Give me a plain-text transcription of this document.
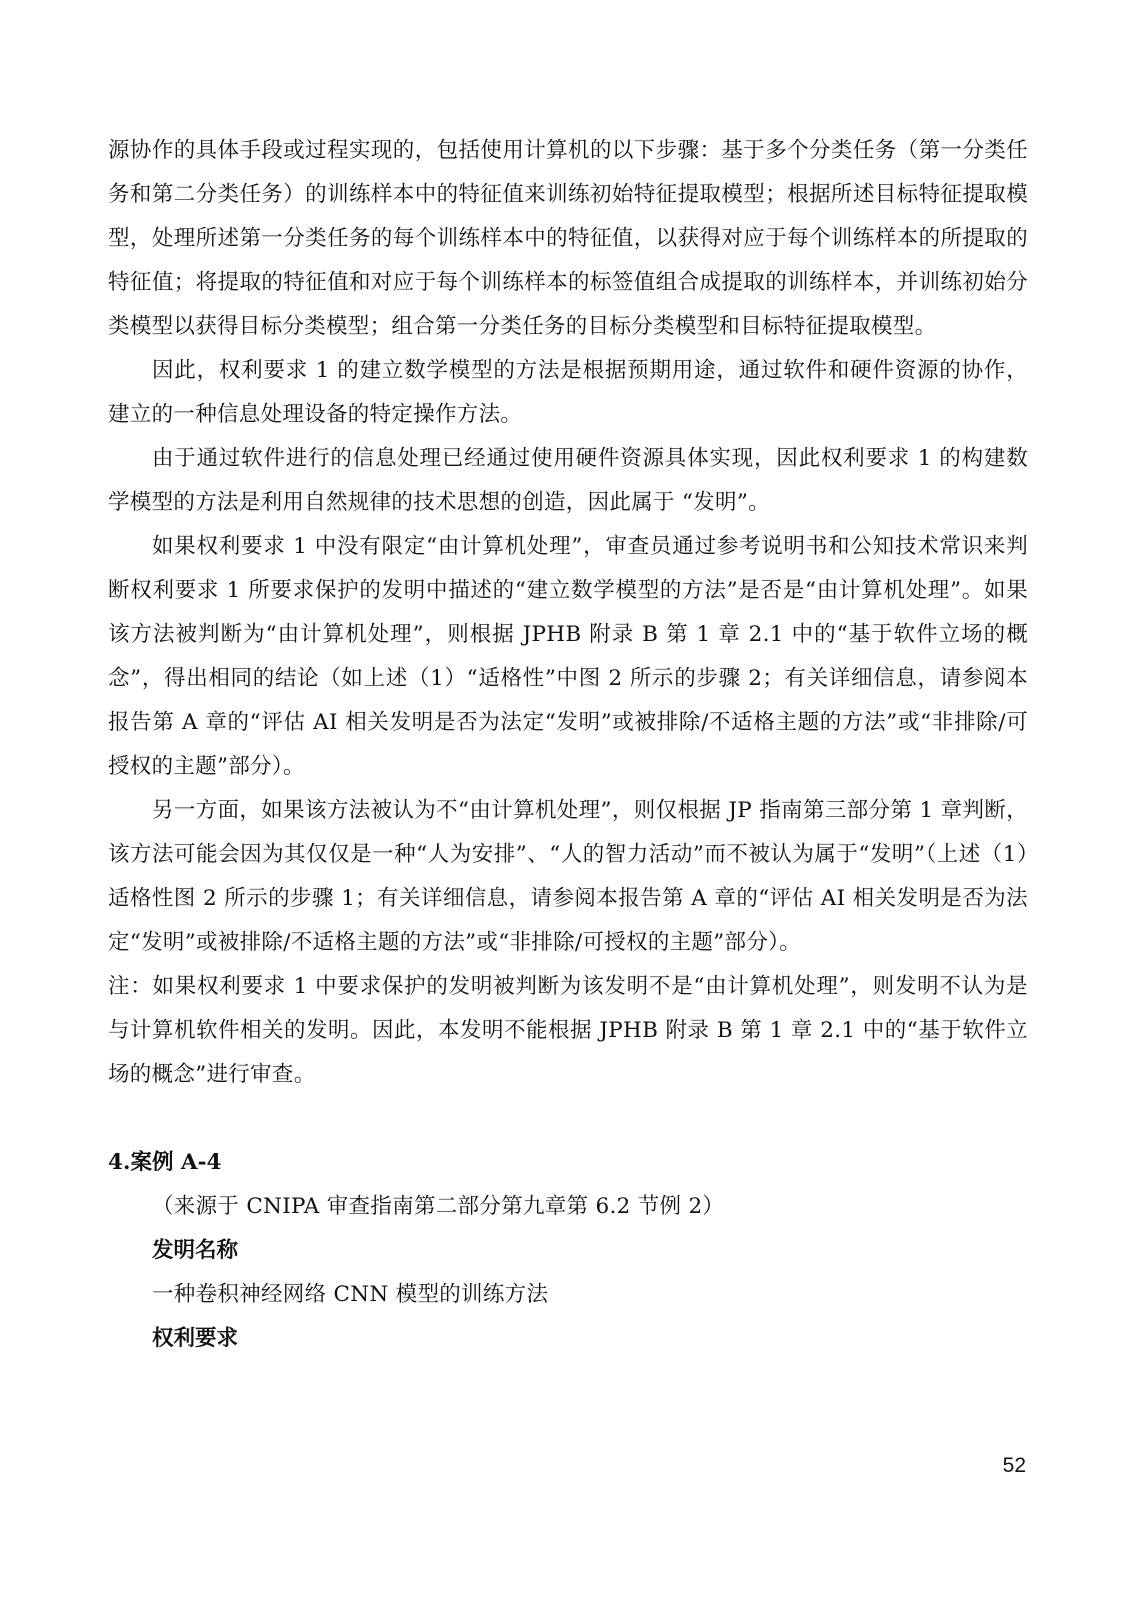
源协作的具体手段或过程实现的，包括使用计算机的以下步骤：基于多个分类任务（第一分类任务和第二分类任务）的训练样本中的特征值来训练初始特征提取模型；根据所述目标特征提取模型，处理所述第一分类任务的每个训练样本中的特征值，以获得对应于每个训练样本的所提取的特征值；将提取的特征值和对应于每个训练样本的标签值组合成提取的训练样本，并训练初始分类模型以获得目标分类模型；组合第一分类任务的目标分类模型和目标特征提取模型。

因此，权利要求 1 的建立数学模型的方法是根据预期用途，通过软件和硬件资源的协作，建立的一种信息处理设备的特定操作方法。

由于通过软件进行的信息处理已经通过使用硬件资源具体实现，因此权利要求 1 的构建数学模型的方法是利用自然规律的技术思想的创造，因此属于 “发明”。

如果权利要求 1 中没有限定“由计算机处理”，审查员通过参考说明书和公知技术常识来判断权利要求 1 所要求保护的发明中描述的“建立数学模型的方法”是否是“由计算机处理”。如果该方法被判断为“由计算机处理”，则根据 JPHB 附录 B 第 1 章 2.1 中的“基于软件立场的概念”，得出相同的结论（如上述（1）“适格性”中图 2 所示的步骤 2；有关详细信息，请参阅本报告第 A 章的“评估 AI 相关发明是否为法定“发明”或被排除/不适格主题的方法”或“非排除/可授权的主题”部分）。

另一方面，如果该方法被认为不“由计算机处理”，则仅根据 JP 指南第三部分第 1 章判断，该方法可能会因为其仅仅是一种“人为安排”、“人的智力活动”而不被认为属于“发明”（上述（1）适格性图 2 所示的步骤 1；有关详细信息，请参阅本报告第 A 章的“评估 AI 相关发明是否为法定“发明”或被排除/不适格主题的方法”或“非排除/可授权的主题”部分）。

注：如果权利要求 1 中要求保护的发明被判断为该发明不是“由计算机处理”，则发明不认为是与计算机软件相关的发明。因此，本发明不能根据 JPHB 附录 B 第 1 章 2.1 中的“基于软件立场的概念”进行审查。

4.案例 A-4

（来源于 CNIPA 审查指南第二部分第九章第 6.2 节例 2）

发明名称

一种卷积神经网络 CNN 模型的训练方法

权利要求

52
